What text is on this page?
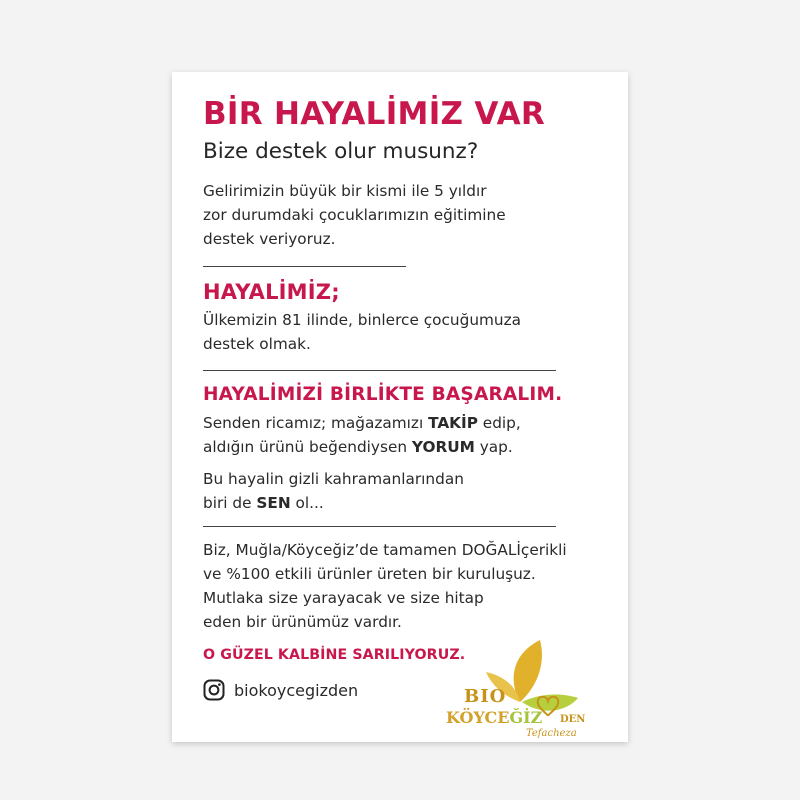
BİR HAYALİMİZ VAR

Bize destek olur musunz?

Gelirimizin büyük bir kismi ile 5 yıldır

zor durumdaki çocuklarımızın eğitimine

destek veriyoruz.

HAYALİMİZ;

Ülkemizin 81 ilinde, binlerce çocuğumuza

destek olmak.

HAYALİMİZİ BİRLİKTE BAŞARALIM.

Senden ricamız; mağazamızı TAKİP edip,

aldığın ürünü beğendiysen YORUM yap.

Bu hayalin gizli kahramanlarından

biri de SEN ol...

Biz, Muğla/Köyceğiz’de tamamen DOĞALİçerikli

ve %100 etkili ürünler üreten bir kuruluşuz.

Mutlaka size yarayacak ve size hitap

eden bir ürünümüz vardır.

O GÜZEL KALBİNE SARILIYORUZ.
biokoycegizden	BIO
KÖYCEĞİZ DEN
Tefacheza
